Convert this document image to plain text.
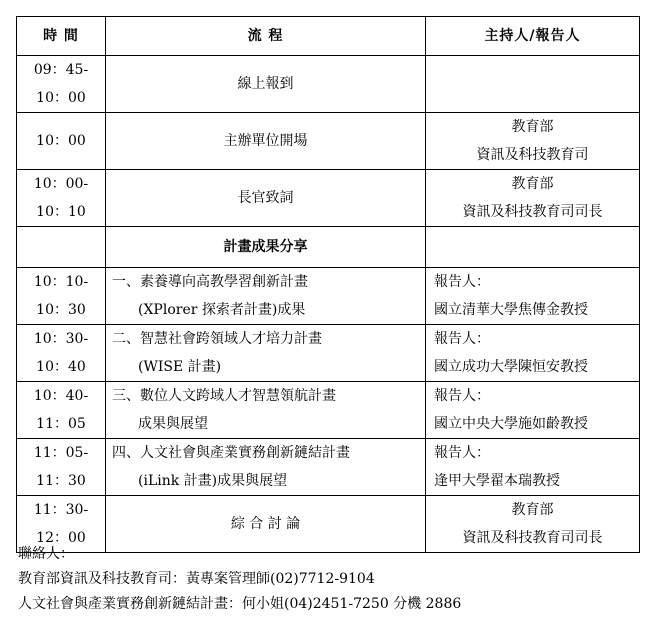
時 間	流 程	主持人/報告人

09：45-
10：00	線上報到	

10：00	主辦單位開場	教育部
資訊及科技教育司

10：00-
10：10	長官致詞	教育部
資訊及科技教育司司長

	計畫成果分享	

10：10-
10：30	一、素養導向高教學習創新計畫
(XPlorer 探索者計畫)成果	報告人：
國立清華大學焦傳金教授

10：30-
10：40	二、智慧社會跨領域人才培力計畫
(WISE 計畫)	報告人：
國立成功大學陳恒安教授

10：40-
11：05	三、數位人文跨域人才智慧領航計畫
成果與展望	報告人：
國立中央大學施如齡教授

11：05-
11：30	四、人文社會與產業實務創新鏈結計畫
(iLink 計畫)成果與展望	報告人：
逢甲大學翟本瑞教授

11：30-
12：00	綜 合 討 論	教育部
資訊及科技教育司司長
聯絡人：
教育部資訊及科技教育司：黃專案管理師(02)7712-9104
人文社會與產業實務創新鏈結計畫：何小姐(04)2451-7250 分機 2886
